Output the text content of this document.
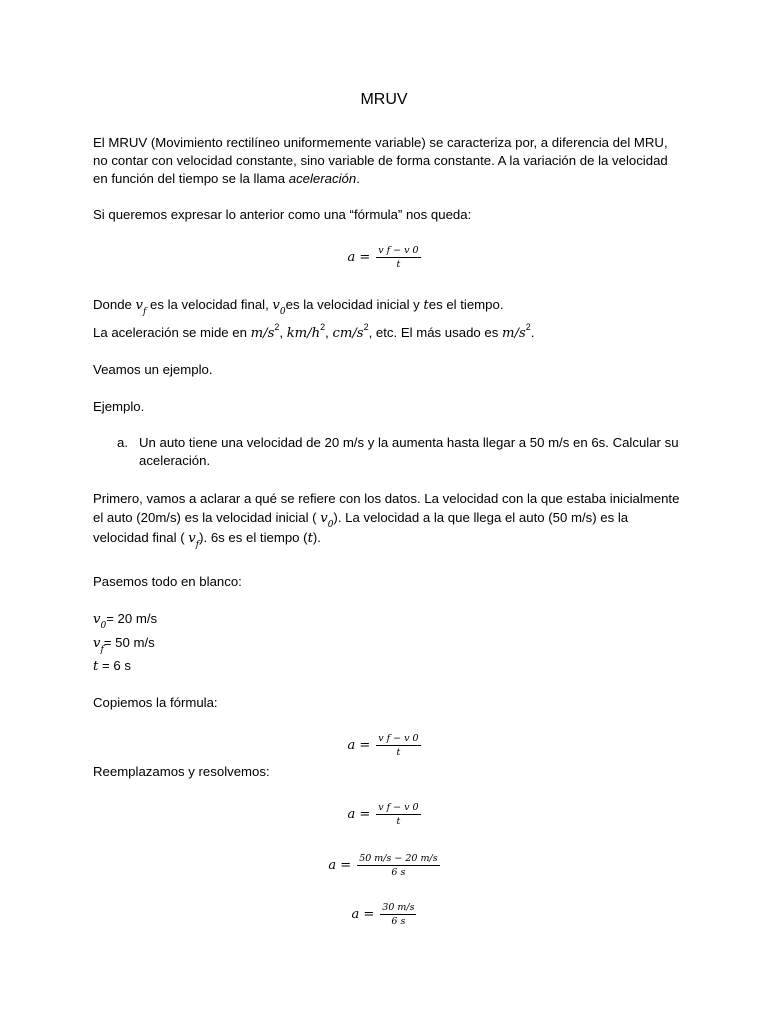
MRUV

El MRUV (Movimiento rectilíneo uniformemente variable) se caracteriza por, a diferencia del MRU, no contar con velocidad constante, sino variable de forma constante. A la variación de la velocidad en función del tiempo se la llama aceleración.

Si queremos expresar lo anterior como una “fórmula” nos queda:

$a = \frac{\text{v f − v 0}}{t}$

Donde $v_f$ es la velocidad final, $v_0es$ la velocidad inicial y tes el tiempo.

La aceleración se mide en $m/s^2$, $km/h^2$, $cm/s^2$, etc. El más usado es $m/s^2$.

Veamos un ejemplo.

Ejemplo.

a. Un auto tiene una velocidad de 20 m/s y la aumenta hasta llegar a 50 m/s en 6s. Calcular su aceleración.

Primero, vamos a aclarar a qué se refiere con los datos. La velocidad con la que estaba inicialmente el auto (20m/s) es la velocidad inicial ( $v_0$). La velocidad a la que llega el auto (50 m/s) es la velocidad final ( $v_f$). 6s es el tiempo (t).

Pasemos todo en blanco:

$v_0= 20$ m/s

$v_f= 50$ m/s

t = 6 s

Copiemos la fórmula:

$a = \frac{\text{v f − v 0}}{t}$

Reemplazamos y resolvemos:

$a = \frac{\text{v f − v 0}}{t}$
$a = \frac{50 m/s - 20 m/s}{6 s}$
$a = \frac{30 m/s}{6 s}$
